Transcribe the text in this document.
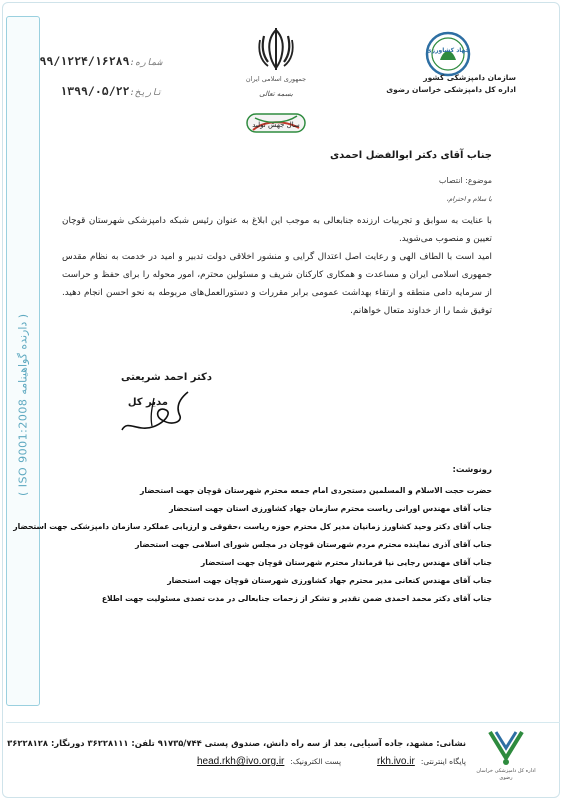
( ISO 9001:2008 دارنده گواهینامه )
شماره:
۹۹/۱۲۲۴/۱۶۲۸۹
تاریخ:
۱۳۹۹/۰۵/۲۲
جمهوری اسلامی ایران
بسمه تعالی
سال جهش تولید
جهاد کشاورزی
سازمان دامپزشکی کشور
اداره کل دامپزشکی خراسان رضوی
جناب آقای دکتر ابوالفضل احمدی
موضوع: انتصاب
با سلام و احترام،

با عنایت به سوابق و تجربیات ارزنده جنابعالی به موجب این ابلاغ به عنوان رئیس شبکه دامپزشکی شهرستان قوچان تعیین و منصوب می‌شوید.

امید است با الطاف الهی و رعایت اصل اعتدال گرایی و منشور اخلاقی دولت تدبیر و امید در خدمت به نظام مقدس جمهوری اسلامی ایران و مساعدت و همکاری کارکنان شریف و مسئولین محترم، امور محوله را برای حفظ و حراست از سرمایه دامی منطقه و ارتقاء بهداشت عمومی برابر مقررات و دستورالعمل‌های مربوطه به نحو احسن انجام دهید. توفیق شما را از خداوند متعال خواهانم.

دکتر احمد شریعتی
مدیر کل
رونوشت:
حضرت حجت الاسلام و المسلمین دستجردی امام جمعه محترم شهرستان قوچان جهت استحضار
جناب آقای مهندس اورانی ریاست محترم سازمان جهاد کشاورزی استان جهت استحضار
جناب آقای دکتر وحید کشاورز زمانیان مدیر کل محترم حوزه ریاست ،حقوقی و ارزیابی عملکرد سازمان دامپزشکی جهت استحضار
جناب آقای آذری نماینده محترم مردم شهرستان قوچان در مجلس شورای اسلامی جهت استحضار
جناب آقای مهندس رجایی نیا فرماندار محترم شهرستان قوچان جهت استحضار
جناب آقای مهندس کنعانی مدیر محترم جهاد کشاورزی شهرستان قوچان جهت استحضار
جناب آقای دکتر محمد احمدی ضمن تقدیر و تشکر از زحمات جنابعالی در مدت تصدی مسئولیت جهت اطلاع
اداره کل دامپزشکی خراسان رضوی
نشانی: مشهد، جاده آسیایی، بعد از سه راه دانش، صندوق پستی ۹۱۷۳۵/۷۴۴ تلفن: ۳۶۲۲۸۱۱۱ دورنگار: ۳۶۲۲۸۱۲۸
پایگاه اینترنتی:
rkh.ivo.ir
پست الکترونیک:
head.rkh@ivo.org.ir
